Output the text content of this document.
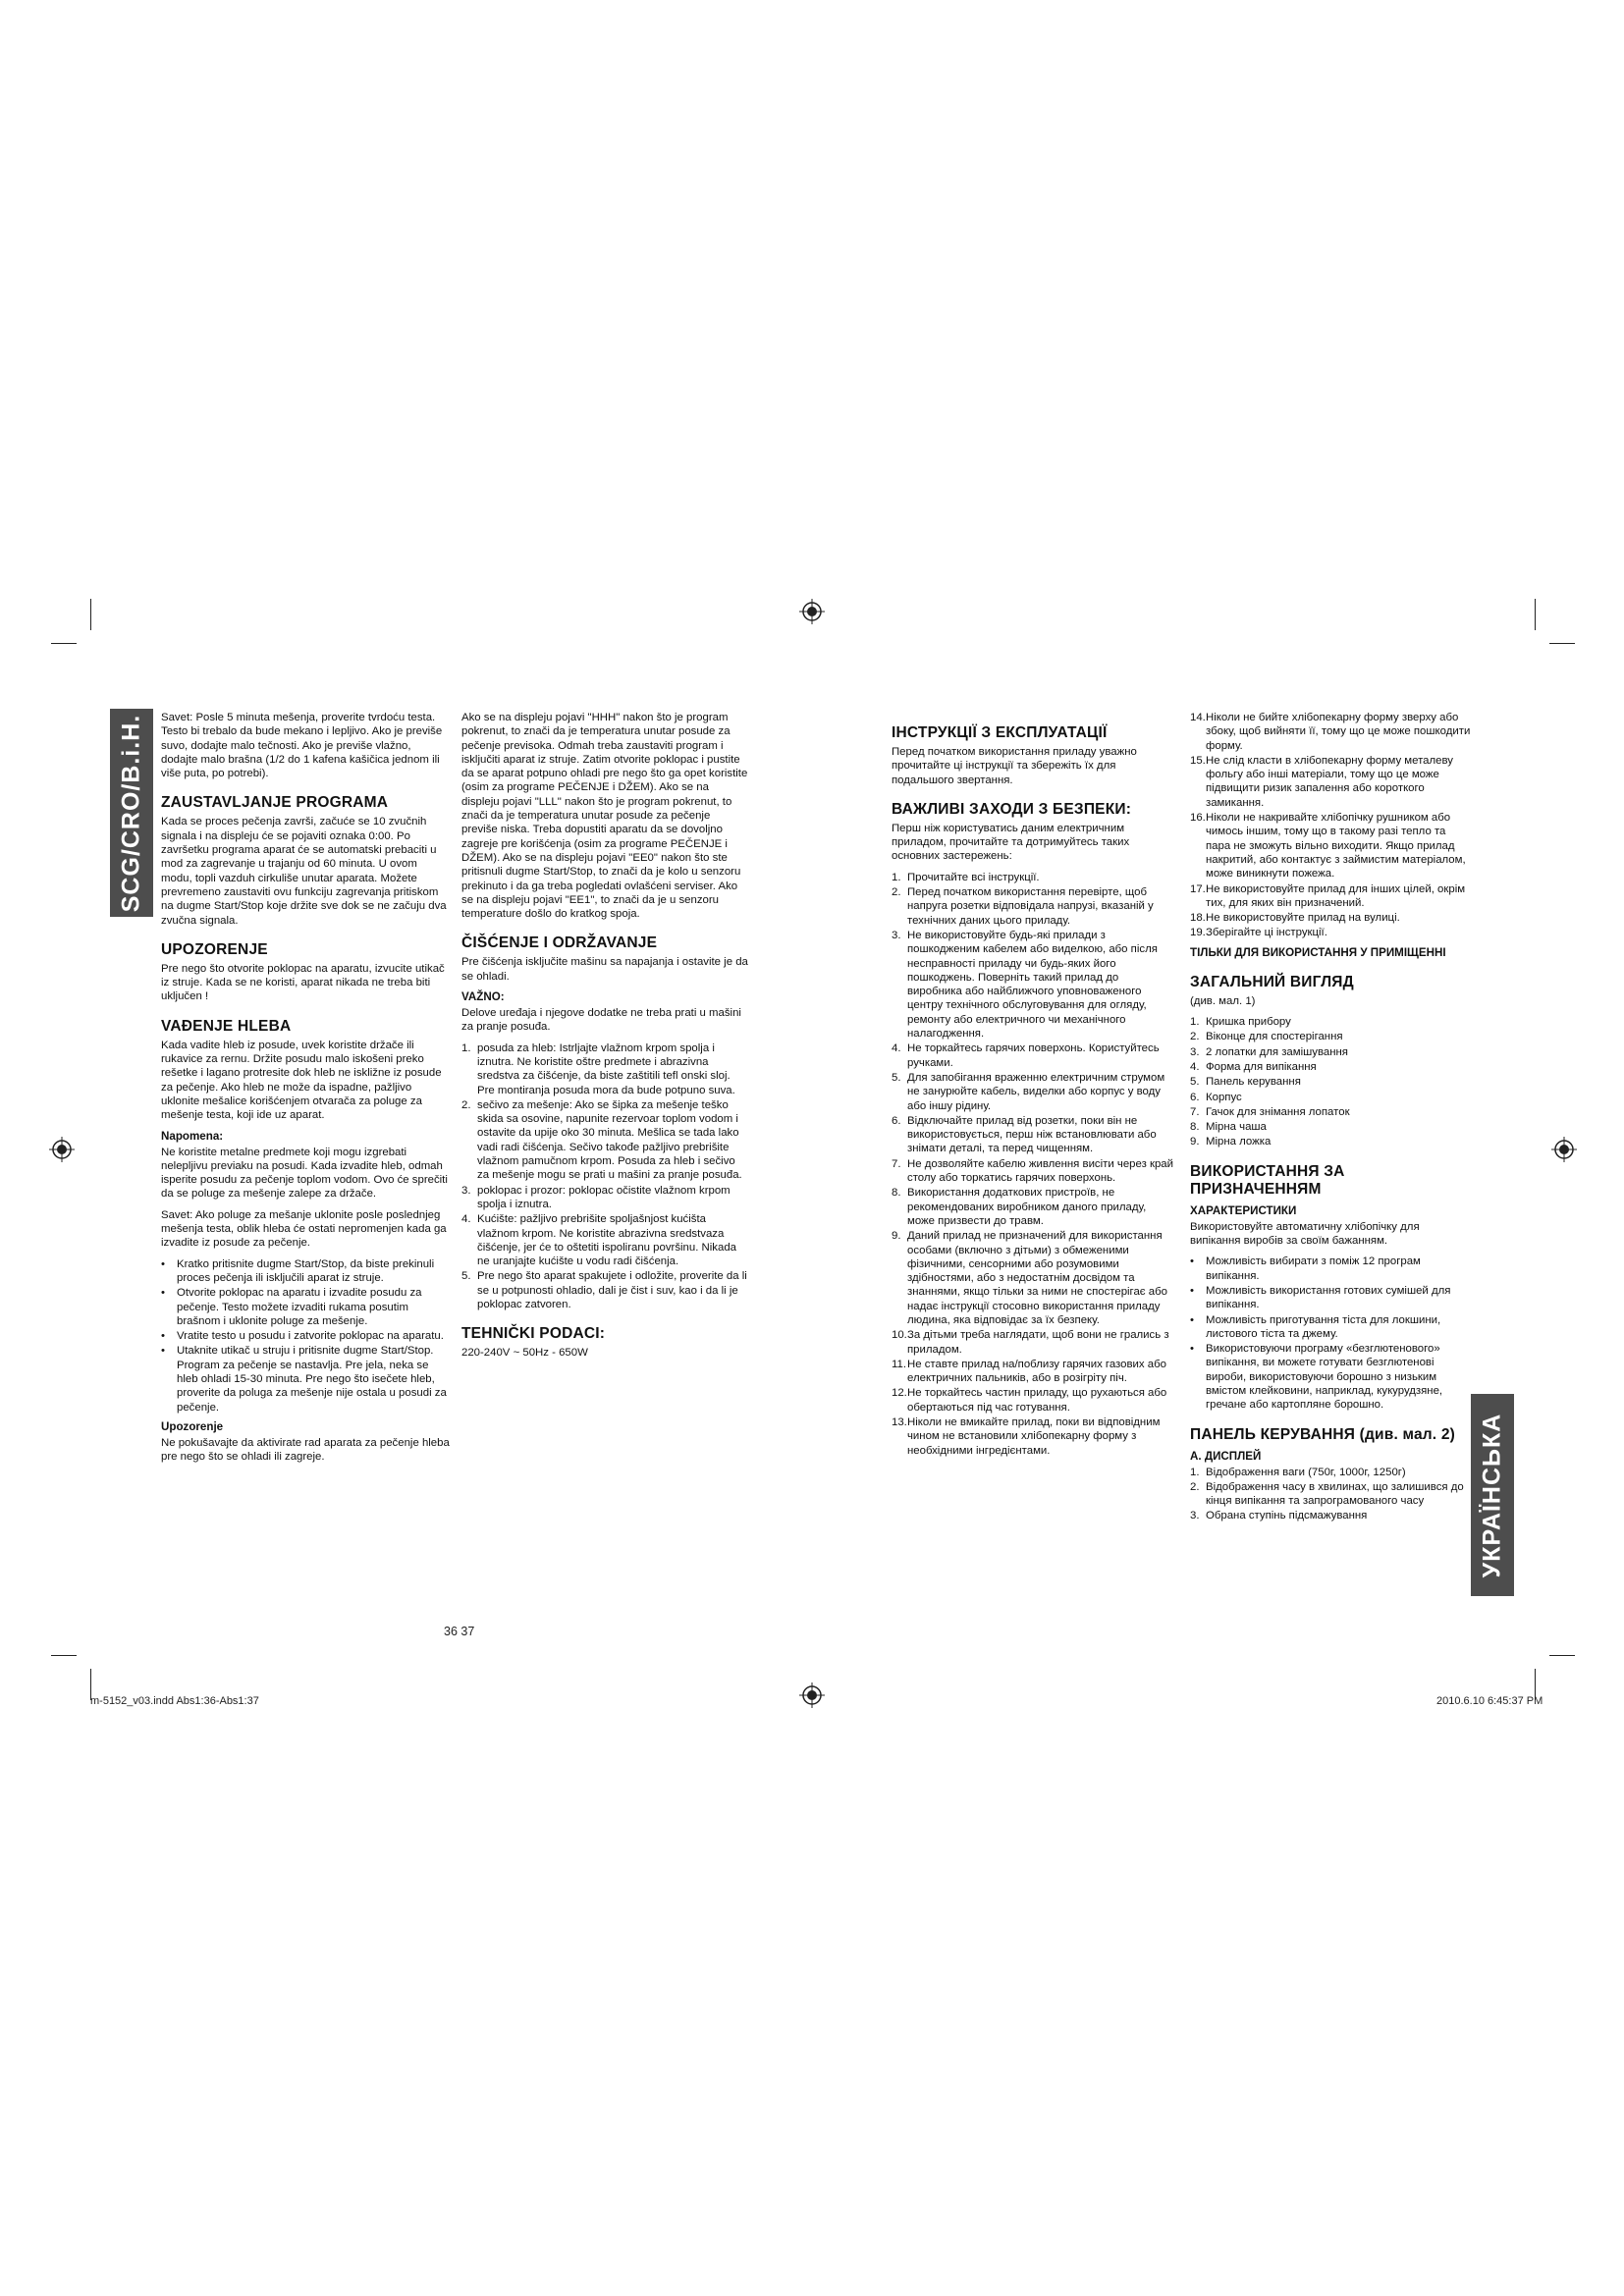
SCG/CRO/B.i.H.
УКРАЇНСЬКА

Savet: Posle 5 minuta mešenja, proverite tvrdoću testa. Testo bi trebalo da bude mekano i lepljivo. Ako je previše suvo, dodajte malo tečnosti. Ako je previše vlažno, dodajte malo brašna (1/2 do 1 kafena kašičica jednom ili više puta, po potrebi).

ZAUSTAVLJANJE PROGRAMA

Kada se proces pečenja završi, začuće se 10 zvučnih signala i na displeju će se pojaviti oznaka 0:00. Po završetku programa aparat će se automatski prebaciti u mod za zagrevanje u trajanju od 60 minuta. U ovom modu, topli vazduh cirkuliše unutar aparata. Možete prevremeno zaustaviti ovu funkciju zagrevanja pritiskom na dugme Start/Stop koje držite sve dok se ne začuju dva zvučna signala.

UPOZORENJE

Pre nego što otvorite poklopac na aparatu, izvucite utikač iz struje. Kada se ne koristi, aparat nikada ne treba biti uključen !

VAĐENJE HLEBA

Kada vadite hleb iz posude, uvek koristite držače ili rukavice za rernu. Držite posudu malo iskošeni preko rešetke i lagano protresite dok hleb ne iskližne iz posude za pečenje. Ako hleb ne može da ispadne, pažljivo uklonite mešalice korišćenjem otvarača za poluge za mešenje testa, koji ide uz aparat.

Napomena:

Ne koristite metalne predmete koji mogu izgrebati neleplјivu previaku na posudi. Kada izvadite hleb, odmah isperite posudu za pečenje toplom vodom. Ovo će sprečiti da se poluge za mešenje zalepe za držače.

Savet: Ako poluge za mešanje uklonite posle poslednjeg mešenja testa, oblik hleba će ostati nepromenjen kada ga izvadite iz posude za pečenje.

• Kratko pritisnite dugme Start/Stop, da biste prekinuli proces pečenja ili isključili aparat iz struje.
• Otvorite poklopac na aparatu i izvadite posudu za pečenje. Testo možete izvaditi rukama posutim brašnom i uklonite poluge za mešenje.
• Vratite testo u posudu i zatvorite poklopac na aparatu.
• Utaknite utikač u struju i pritisnite dugme Start/Stop. Program za pečenje se nastavlja. Pre jela, neka se hleb ohladi 15-30 minuta. Pre nego što isečete hleb, proverite da poluga za mešenje nije ostala u posudi za pečenje.
Upozorenje

Ne pokušavajte da aktivirate rad aparata za pečenje hleba pre nego što se ohladi ili zagreje.

Ako se na displeju pojavi "HHH" nakon što je program pokrenut, to znači da je temperatura unutar posude za pečenje previsoka. Odmah treba zaustaviti program i isključiti aparat iz struje. Zatim otvorite poklopac i pustite da se aparat potpuno ohladi pre nego što ga opet koristite (osim za programe PEČENJE i DŽEM). Ako se na displeju pojavi "LLL" nakon što je program pokrenut, to znači da je temperatura unutar posude za pečenje previše niska. Treba dopustiti aparatu da se dovoljno zagreje pre korišćenja (osim za programe PEČENJE i DŽEM). Ako se na displeju pojavi "EE0" nakon što ste pritisnuli dugme Start/Stop, to znači da je kolo u senzoru prekinuto i da ga treba pogledati ovlašćeni serviser. Ako se na displeju pojavi "EE1", to znači da je u senzoru temperature došlo do kratkog spoja.

ČIŠĆENJE I ODRŽAVANJE

Pre čišćenja isključite mašinu sa napajanja i ostavite je da se ohladi.

VAŽNO:

Delove uređaja i njegove dodatke ne treba prati u mašini za pranje posuđa.

1. posuda za hleb: Istrljajte vlažnom krpom spolja i iznutra. Ne koristite oštre predmete i abrazivna sredstva za čišćenje, da biste zaštitili tefl onski sloj. Pre montiranja posuda mora da bude potpuno suva.
2. sečivo za mešenje: Ako se šipka za mešenje teško skida sa osovine, napunite rezervoar toplom vodom i ostavite da upije oko 30 minuta. Mešlica se tada lako vadi radi čišćenja. Sečivo takođe pažljivo prebrišite vlažnom pamučnom krpom. Posuda za hleb i sečivo za mešenje mogu se prati u mašini za pranje posuđa.
3. poklopac i prozor: poklopac očistite vlažnom krpom spolja i iznutra.
4. Kućište: pažljivo prebrišite spoljašnjost kućišta vlažnom krpom. Ne koristite abrazivna sredstvaza čišćenje, jer će to oštetiti ispoliranu površinu. Nikada ne uranjajte kućište u vodu radi čišćenja.
5. Pre nego što aparat spakujete i odložite, proverite da li se u potpunosti ohladio, dali je čist i suv, kao i da li je poklopac zatvoren.
TEHNIČKI PODACI:

220-240V ~ 50Hz - 650W

ІНСТРУКЦІЇ З ЕКСПЛУАТАЦІЇ

Перед початком використання приладу уважно прочитайте ці інструкції та збережіть їх для подальшого звертання.

ВАЖЛИВІ ЗАХОДИ З БЕЗПЕКИ:

Перш ніж користуватись даним електричним приладом, прочитайте та дотримуйтесь таких основних застережень:

1. Прочитайте всі інструкції.
2. Перед початком використання перевірте, щоб напруга розетки відповідала напрузі, вказаній у технічних даних цього приладу.
3. Не використовуйте будь-які прилади з пошкодженим кабелем або виделкою, або після несправності приладу чи будь-яких його пошкоджень. Поверніть такий прилад до виробника або найближчого уповноваженого центру технічного обслуговування для огляду, ремонту або електричного чи механічного налагодження.
4. Не торкайтесь гарячих поверхонь. Користуйтесь ручками.
5. Для запобігання враженню електричним струмом не занурюйте кабель, виделки або корпус у воду або іншу рідину.
6. Відключайте прилад від розетки, поки він не використовується, перш ніж встановлювати або знімати деталі, та перед чищенням.
7. Не дозволяйте кабелю живлення висіти через край столу або торкатись гарячих поверхонь.
8. Використання додаткових пристроїв, не рекомендованих виробником даного приладу, може призвести до травм.
9. Даний прилад не призначений для використання особами (включно з дітьми) з обмеженими фізичними, сенсорними або розумовими здібностями, або з недостатнім досвідом та знаннями, якщо тільки за ними не спостерігає або надає інструкції стосовно використання приладу людина, яка відповідає за їх безпеку.
10. За дітьми треба наглядати, щоб вони не грались з приладом.
11. Не ставте прилад на/поблизу гарячих газових або електричних пальників, або в розігріту піч.
12. Не торкайтесь частин приладу, що рухаються або обертаються під час готування.
13. Ніколи не вмикайте прилад, поки ви відповідним чином не встановили хлібопекарну форму з необхідними інгредієнтами.
14. Ніколи не бийте хлібопекарну форму зверху або збоку, щоб вийняти її, тому що це може пошкодити форму.
15. Не слід класти в хлібопекарну форму металеву фольгу або інші матеріали, тому що це може підвищити ризик запалення або короткого замикання.
16. Ніколи не накривайте хлібопічку рушником або чимось іншим, тому що в такому разі тепло та пара не зможуть вільно виходити. Якщо прилад накритий, або контактує з займистим матеріалом, може виникнути пожежа.
17. Не використовуйте прилад для інших цілей, окрім тих, для яких він призначений.
18. Не використовуйте прилад на вулиці.
19. Зберігайте ці інструкції.
ТІЛЬКИ ДЛЯ ВИКОРИСТАННЯ У ПРИМІЩЕННІ
ЗАГАЛЬНИЙ ВИГЛЯД

(див. мал. 1)

1. Кришка прибору
2. Віконце для спостерігання
3. 2 лопатки для замішування
4. Форма для випікання
5. Панель керування
6. Корпус
7. Гачок для знімання лопаток
8. Мірна чаша
9. Мірна ложка
ВИКОРИСТАННЯ ЗА ПРИЗНАЧЕННЯМ
ХАРАКТЕРИСТИКИ

Використовуйте автоматичну хлібопічку для випікання виробів за своїм бажанням.

• Можливість вибирати з поміж 12 програм випікання.
• Можливість використання готових сумішей для випікання.
• Можливість приготування тіста для локшини, листового тіста та джему.
• Використовуючи програму «безглютенового» випікання, ви можете готувати безглютенові вироби, використовуючи борошно з низьким вмістом клейковини, наприклад, кукурудзяне, гречане або картопляне борошно.
ПАНЕЛЬ КЕРУВАННЯ (див. мал. 2)
A. ДИСПЛЕЙ
1. Відображення ваги (750г, 1000г, 1250г)
2. Відображення часу в хвилинах, що залишився до кінця випікання та запрограмованого часу
3. Обрана ступінь підсмажування
36 37
m-5152_v03.indd Abs1:36-Abs1:37	2010.6.10 6:45:37 PM
